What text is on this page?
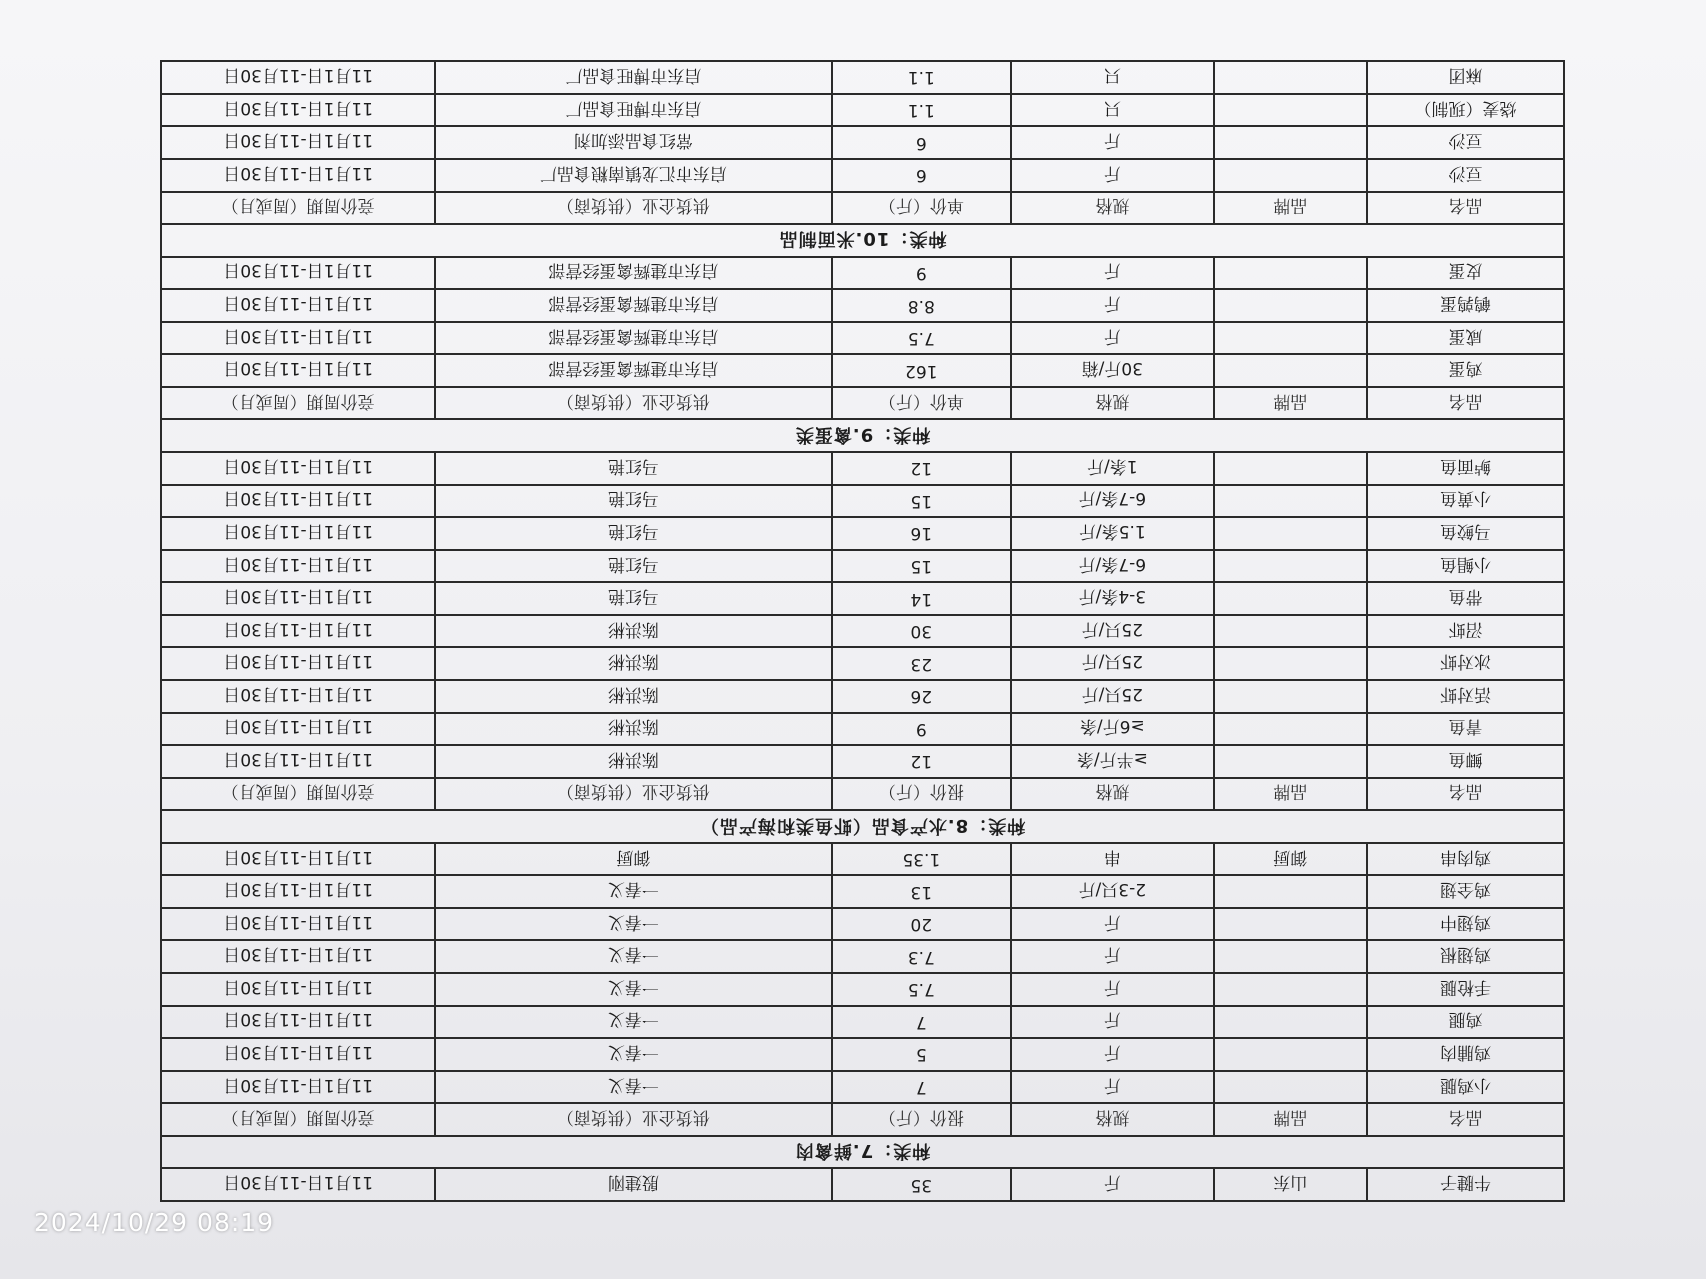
牛腱子	山东	斤	35	殷建刚	11月1日-11月30日
种类：7.鲜禽肉					
品名	品牌	规格	报价（斤）	供货企业（供货商）	竞价周期（周或月）
小鸡腿		斤	7	一春义	11月1日-11月30日
鸡脯肉		斤	5	一春义	11月1日-11月30日
鸡腿		斤	7	一春义	11月1日-11月30日
手枪腿		斤	7.5	一春义	11月1日-11月30日
鸡翅根		斤	7.3	一春义	11月1日-11月30日
鸡翅中		斤	20	一春义	11月1日-11月30日
鸡全翅		2-3只/斤	13	一春义	11月1日-11月30日
鸡肉串	御厨	串	1.35	御厨	11月1日-11月30日
种类：8.水产食品（虾鱼类和海产品）					
品名	品牌	规格	报价（斤）	供货企业（供货商）	竞价周期（周或月）
鲫鱼		≥半斤/条	12	陈洪彬	11月1日-11月30日
青鱼		≥6斤/条	9	陈洪彬	11月1日-11月30日
活对虾		25只/斤	26	陈洪彬	11月1日-11月30日
冰对虾		25只/斤	23	陈洪彬	11月1日-11月30日
沼虾		25只/斤	30	陈洪彬	11月1日-11月30日
带鱼		3-4条/斤	14	马红艳	11月1日-11月30日
小鲳鱼		6-7条/斤	15	马红艳	11月1日-11月30日
马鲛鱼		1.5条/斤	16	马红艳	11月1日-11月30日
小黄鱼		6-7条/斤	15	马红艳	11月1日-11月30日
鲈面鱼		1条/斤	12	马红艳	11月1日-11月30日
种类：9.禽蛋类					
品名	品牌	规格	单价（斤）	供货企业（供货商）	竞价周期（周或月）
鸡蛋		30斤/箱	162	启东市建辉禽蛋经营部	11月1日-11月30日
咸蛋		斤	7.5	启东市建辉禽蛋经营部	11月1日-11月30日
鹌鹑蛋		斤	8.8	启东市建辉禽蛋经营部	11月1日-11月30日
皮蛋		斤	9	启东市建辉禽蛋经营部	11月1日-11月30日
种类：10.米面制品					
品名	品牌	规格	单价（斤）	供货企业（供货商）	竞价周期（周或月）
豆沙		斤	6	启东市汇龙镇南粮食品厂	11月1日-11月30日
豆沙		斤	6	常红食品添加剂	11月1日-11月30日
烧麦（现制）		只	1.1	启东市博旺食品厂	11月1日-11月30日
麻团		只	1.1	启东市博旺食品厂	11月1日-11月30日
2024/10/29 08:19
